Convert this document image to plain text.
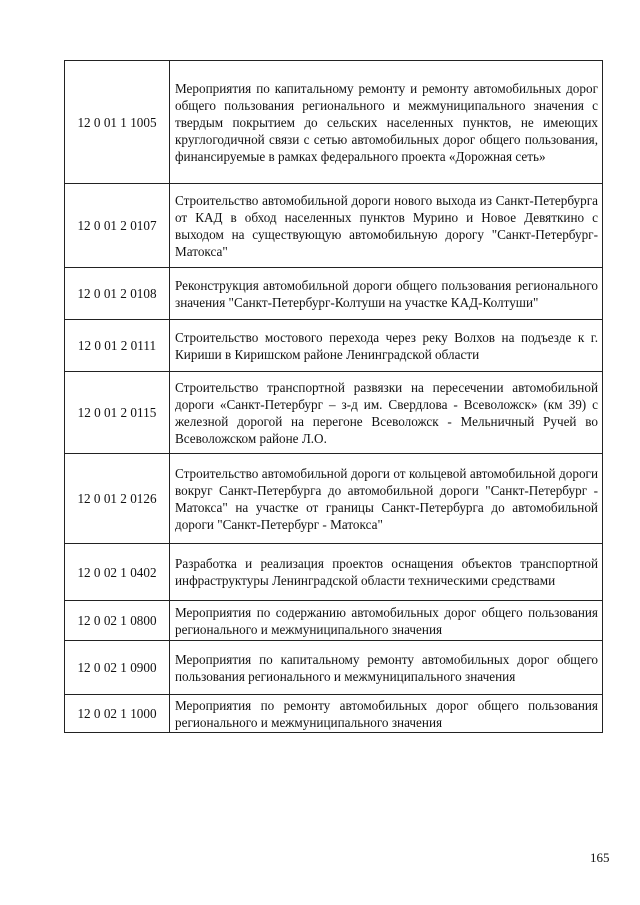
12 0 01 1 1005	Мероприятия по капитальному ремонту и ремонту автомобильных дорог общего пользования регионального и межмуниципального значения с твердым покрытием до сельских населенных пунктов, не имеющих круглогодичной связи с сетью автомобильных дорог общего пользования, финансируемые в рамках федерального проекта «Дорожная сеть»
12 0 01 2 0107	Строительство автомобильной дороги нового выхода из Санкт-Петербурга от КАД в обход населенных пунктов Мурино и Новое Девяткино с выходом на существующую автомобильную дорогу "Санкт-Петербург-Матокса"
12 0 01 2 0108	Реконструкция автомобильной дороги общего пользования регионального значения "Санкт-Петербург-Колтуши на участке КАД-Колтуши"
12 0 01 2 0111	Строительство мостового перехода через реку Волхов на подъезде к г. Кириши в Киришском районе Ленинградской области
12 0 01 2 0115	Строительство транспортной развязки на пересечении автомобильной дороги «Санкт-Петербург – з-д им. Свердлова - Всеволожск» (км 39) с железной дорогой на перегоне Всеволожск - Мельничный Ручей во Всеволожском районе Л.О.
12 0 01 2 0126	Строительство автомобильной дороги от кольцевой автомобильной дороги вокруг Санкт-Петербурга до автомобильной дороги "Санкт-Петербург - Матокса" на участке от границы Санкт-Петербурга до автомобильной дороги "Санкт-Петербург - Матокса"
12 0 02 1 0402	Разработка и реализация проектов оснащения объектов транспортной инфраструктуры Ленинградской области техническими средствами
12 0 02 1 0800	Мероприятия по содержанию автомобильных дорог общего пользования регионального и межмуниципального значения
12 0 02 1 0900	Мероприятия по капитальному ремонту автомобильных дорог общего пользования регионального и межмуниципального значения
12 0 02 1 1000	Мероприятия по ремонту автомобильных дорог общего пользования регионального и межмуниципального значения
165
